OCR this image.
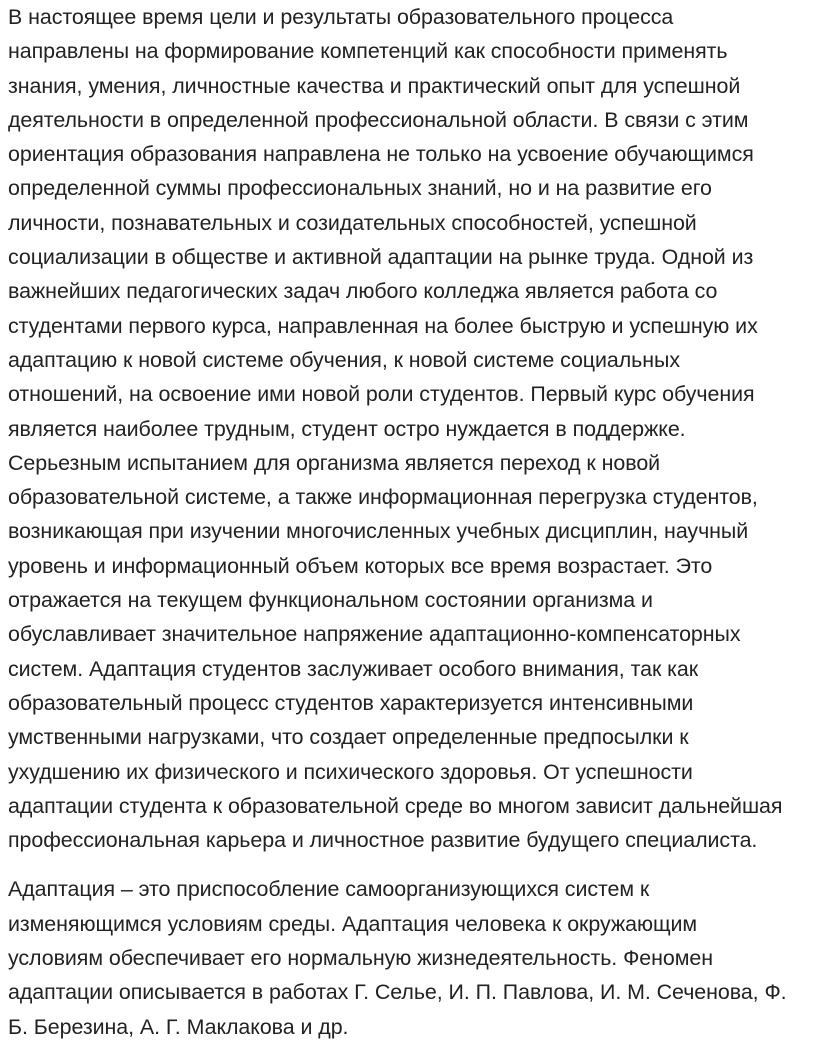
В настоящее время цели и результаты образовательного процесса
направлены на формирование компетенций как способности применять
знания, умения, личностные качества и практический опыт для успешной
деятельности в определенной профессиональной области. В связи с этим
ориентация образования направлена не только на усвоение обучающимся
определенной суммы профессиональных знаний, но и на развитие его
личности, познавательных и созидательных способностей, успешной
социализации в обществе и активной адаптации на рынке труда. Одной из
важнейших педагогических задач любого колледжа является работа со
студентами первого курса, направленная на более быструю и успешную их
адаптацию к новой системе обучения, к новой системе социальных
отношений, на освоение ими новой роли студентов. Первый курс обучения
является наиболее трудным, студент остро нуждается в поддержке.
Серьезным испытанием для организма является переход к новой
образовательной системе, а также информационная перегрузка студентов,
возникающая при изучении многочисленных учебных дисциплин, научный
уровень и информационный объем которых все время возрастает. Это
отражается на текущем функциональном состоянии организма и
обуславливает значительное напряжение адаптационно-компенсаторных
систем. Адаптация студентов заслуживает особого внимания, так как
образовательный процесс студентов характеризуется интенсивными
умственными нагрузками, что создает определенные предпосылки к
ухудшению их физического и психического здоровья. От успешности
адаптации студента к образовательной среде во многом зависит дальнейшая
профессиональная карьера и личностное развитие будущего специалиста.

Адаптация – это приспособление самоорганизующихся систем к
изменяющимся условиям среды. Адаптация человека к окружающим
условиям обеспечивает его нормальную жизнедеятельность. Феномен
адаптации описывается в работах Г. Селье, И. П. Павлова, И. М. Сеченова, Ф.
Б. Березина, А. Г. Маклакова и др.
